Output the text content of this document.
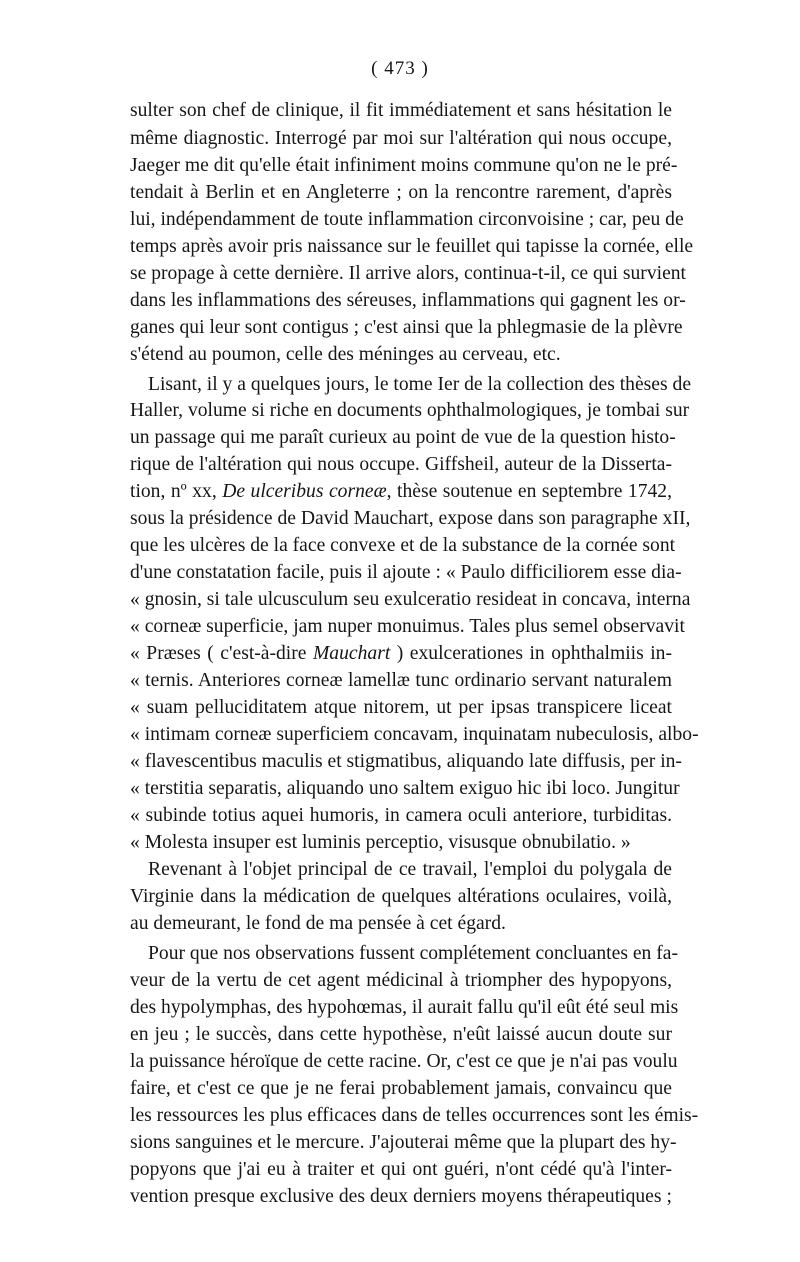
( 473 )
sulter son chef de clinique, il fit immédiatement et sans hésitation le
même diagnostic. Interrogé par moi sur l'altération qui nous occupe,
Jaeger me dit qu'elle était infiniment moins commune qu'on ne le pré-
tendait à Berlin et en Angleterre ; on la rencontre rarement, d'après
lui, indépendamment de toute inflammation circonvoisine ; car, peu de
temps après avoir pris naissance sur le feuillet qui tapisse la cornée, elle
se propage à cette dernière. Il arrive alors, continua-t-il, ce qui survient
dans les inflammations des séreuses, inflammations qui gagnent les or-
ganes qui leur sont contigus ; c'est ainsi que la phlegmasie de la plèvre
s'étend au poumon, celle des méninges au cerveau, etc.
Lisant, il y a quelques jours, le tome Ier de la collection des thèses de
Haller, volume si riche en documents ophthalmologiques, je tombai sur
un passage qui me paraît curieux au point de vue de la question histo-
rique de l'altération qui nous occupe. Giffsheil, auteur de la Disserta-
tion, nº xx, De ulceribus corneæ, thèse soutenue en septembre 1742,
sous la présidence de David Mauchart, expose dans son paragraphe xII,
que les ulcères de la face convexe et de la substance de la cornée sont
d'une constatation facile, puis il ajoute : « Paulo difficiliorem esse dia-
« gnosin, si tale ulcusculum seu exulceratio resideat in concava, interna
« corneæ superficie, jam nuper monuimus. Tales plus semel observavit
« Præses ( c'est-à-dire Mauchart ) exulcerationes in ophthalmiis in-
« ternis. Anteriores corneæ lamellæ tunc ordinario servant naturalem
« suam pelluciditatem atque nitorem, ut per ipsas transpicere liceat
« intimam corneæ superficiem concavam, inquinatam nubeculosis, albo-
« flavescentibus maculis et stigmatibus, aliquando late diffusis, per in-
« terstitia separatis, aliquando uno saltem exiguo hic ibi loco. Jungitur
« subinde totius aquei humoris, in camera oculi anteriore, turbiditas.
« Molesta insuper est luminis perceptio, visusque obnubilatio. »
Revenant à l'objet principal de ce travail, l'emploi du polygala de
Virginie dans la médication de quelques altérations oculaires, voilà,
au demeurant, le fond de ma pensée à cet égard.
Pour que nos observations fussent complétement concluantes en fa-
veur de la vertu de cet agent médicinal à triompher des hypopyons,
des hypolymphas, des hypohœmas, il aurait fallu qu'il eût été seul mis
en jeu ; le succès, dans cette hypothèse, n'eût laissé aucun doute sur
la puissance héroïque de cette racine. Or, c'est ce que je n'ai pas voulu
faire, et c'est ce que je ne ferai probablement jamais, convaincu que
les ressources les plus efficaces dans de telles occurrences sont les émis-
sions sanguines et le mercure. J'ajouterai même que la plupart des hy-
popyons que j'ai eu à traiter et qui ont guéri, n'ont cédé qu'à l'inter-
vention presque exclusive des deux derniers moyens thérapeutiques ;
